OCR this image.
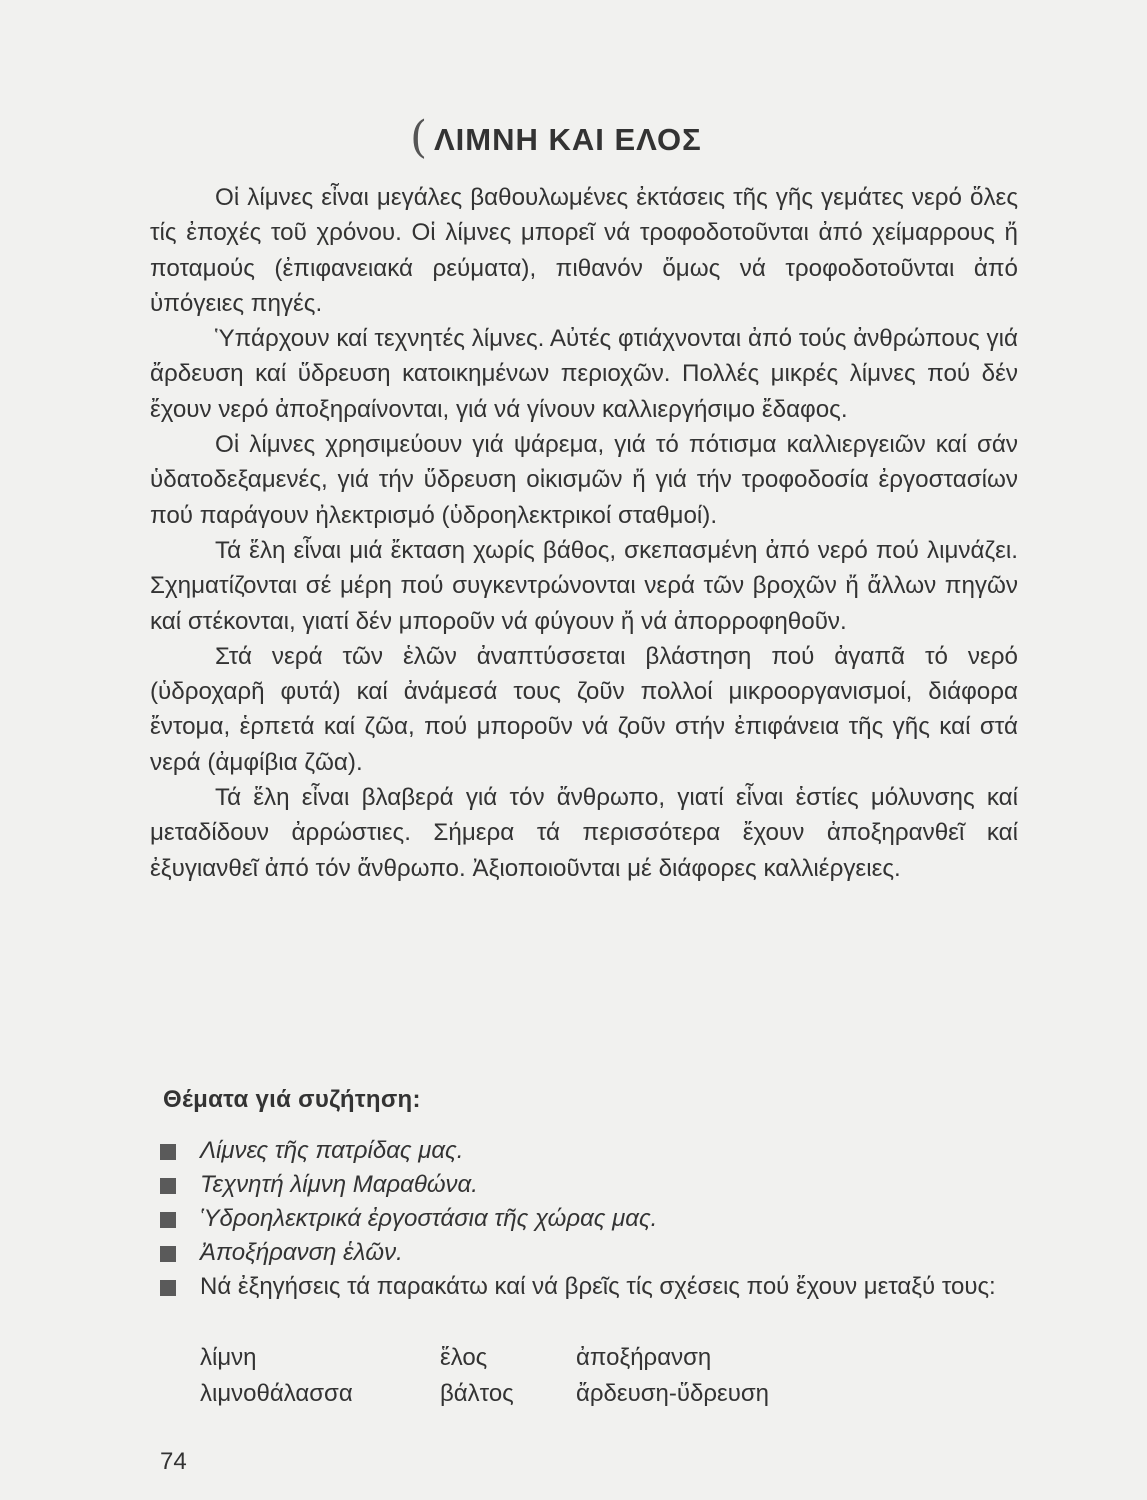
( ΛΙΜΝΗ ΚΑΙ ΕΛΟΣ

Οἱ λίμνες εἶναι μεγάλες βαθουλωμένες ἐκτάσεις τῆς γῆς γεμάτες νερό ὅλες τίς ἐποχές τοῦ χρόνου. Οἱ λίμνες μπορεῖ νά τροφοδοτοῦνται ἀπό χείμαρρους ἤ ποταμούς (ἐπιφανειακά ρεύματα), πιθανόν ὅμως νά τροφοδοτοῦνται ἀπό ὑπόγειες πηγές.

Ὑπάρχουν καί τεχνητές λίμνες. Αὐτές φτιάχνονται ἀπό τούς ἀνθρώπους γιά ἄρδευση καί ὕδρευση κατοικημένων περιοχῶν. Πολλές μικρές λίμνες πού δέν ἔχουν νερό ἀποξηραίνονται, γιά νά γίνουν καλλιεργήσιμο ἔδαφος.

Οἱ λίμνες χρησιμεύουν γιά ψάρεμα, γιά τό πότισμα καλλιεργειῶν καί σάν ὑδατοδεξαμενές, γιά τήν ὕδρευση οἰκισμῶν ἤ γιά τήν τροφοδοσία ἐργοστασίων πού παράγουν ἠλεκτρισμό (ὑδροηλεκτρικοί σταθμοί).

Τά ἕλη εἶναι μιά ἔκταση χωρίς βάθος, σκεπασμένη ἀπό νερό πού λιμνάζει. Σχηματίζονται σέ μέρη πού συγκεντρώνονται νερά τῶν βροχῶν ἤ ἄλλων πηγῶν καί στέκονται, γιατί δέν μποροῦν νά φύγουν ἤ νά ἀπορροφηθοῦν.

Στά νερά τῶν ἑλῶν ἀναπτύσσεται βλάστηση πού ἀγαπᾶ τό νερό (ὑδροχαρῆ φυτά) καί ἀνάμεσά τους ζοῦν πολλοί μικροοργανισμοί, διάφορα ἔντομα, ἑρπετά καί ζῶα, πού μποροῦν νά ζοῦν στήν ἐπιφάνεια τῆς γῆς καί στά νερά (ἀμφίβια ζῶα).

Τά ἕλη εἶναι βλαβερά γιά τόν ἄνθρωπο, γιατί εἶναι ἑστίες μόλυνσης καί μεταδίδουν ἀρρώστιες. Σήμερα τά περισσότερα ἔχουν ἀποξηρανθεῖ καί ἐξυγιανθεῖ ἀπό τόν ἄνθρωπο. Ἀξιοποιοῦνται μέ διάφορες καλλιέργειες.

Θέματα γιά συζήτηση:
Λίμνες τῆς πατρίδας μας.
Τεχνητή λίμνη Μαραθώνα.
Ὑδροηλεκτρικά ἐργοστάσια τῆς χώρας μας.
Ἀποξήρανση ἑλῶν.
Νά ἐξηγήσεις τά παρακάτω καί νά βρεῖς τίς σχέσεις πού ἔχουν μεταξύ τους:
λίμνη	ἕλος	ἀποξήρανση
λιμνοθάλασσα	βάλτος	ἄρδευση-ὕδρευση
74
